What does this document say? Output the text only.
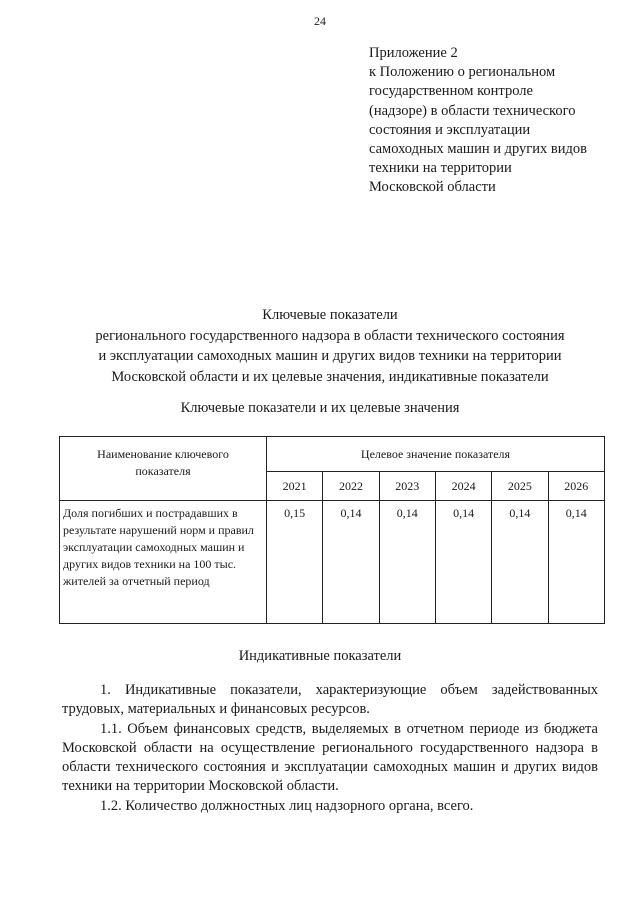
24
Приложение 2
к Положению о региональном
государственном контроле
(надзоре) в области технического
состояния и эксплуатации
самоходных машин и других видов
техники на территории
Московской области
Ключевые показатели
регионального государственного надзора в области технического состояния
и эксплуатации самоходных машин и других видов техники на территории
Московской области и их целевые значения, индикативные показатели
Ключевые показатели и их целевые значения
Наименование ключевого показателя	Целевое значение показателя					
	2021	2022	2023	2024	2025	2026
Доля погибших и пострадавших в результате нарушений норм и правил эксплуатации самоходных машин и других видов техники на 100 тыс. жителей за отчетный период	0,15	0,14	0,14	0,14	0,14	0,14
Индикативные показатели

1. Индикативные показатели, характеризующие объем задействованных трудовых, материальных и финансовых ресурсов.

1.1. Объем финансовых средств, выделяемых в отчетном периоде из бюджета Московской области на осуществление регионального государственного надзора в области технического состояния и эксплуатации самоходных машин и других видов техники на территории Московской области.

1.2. Количество должностных лиц надзорного органа, всего.
